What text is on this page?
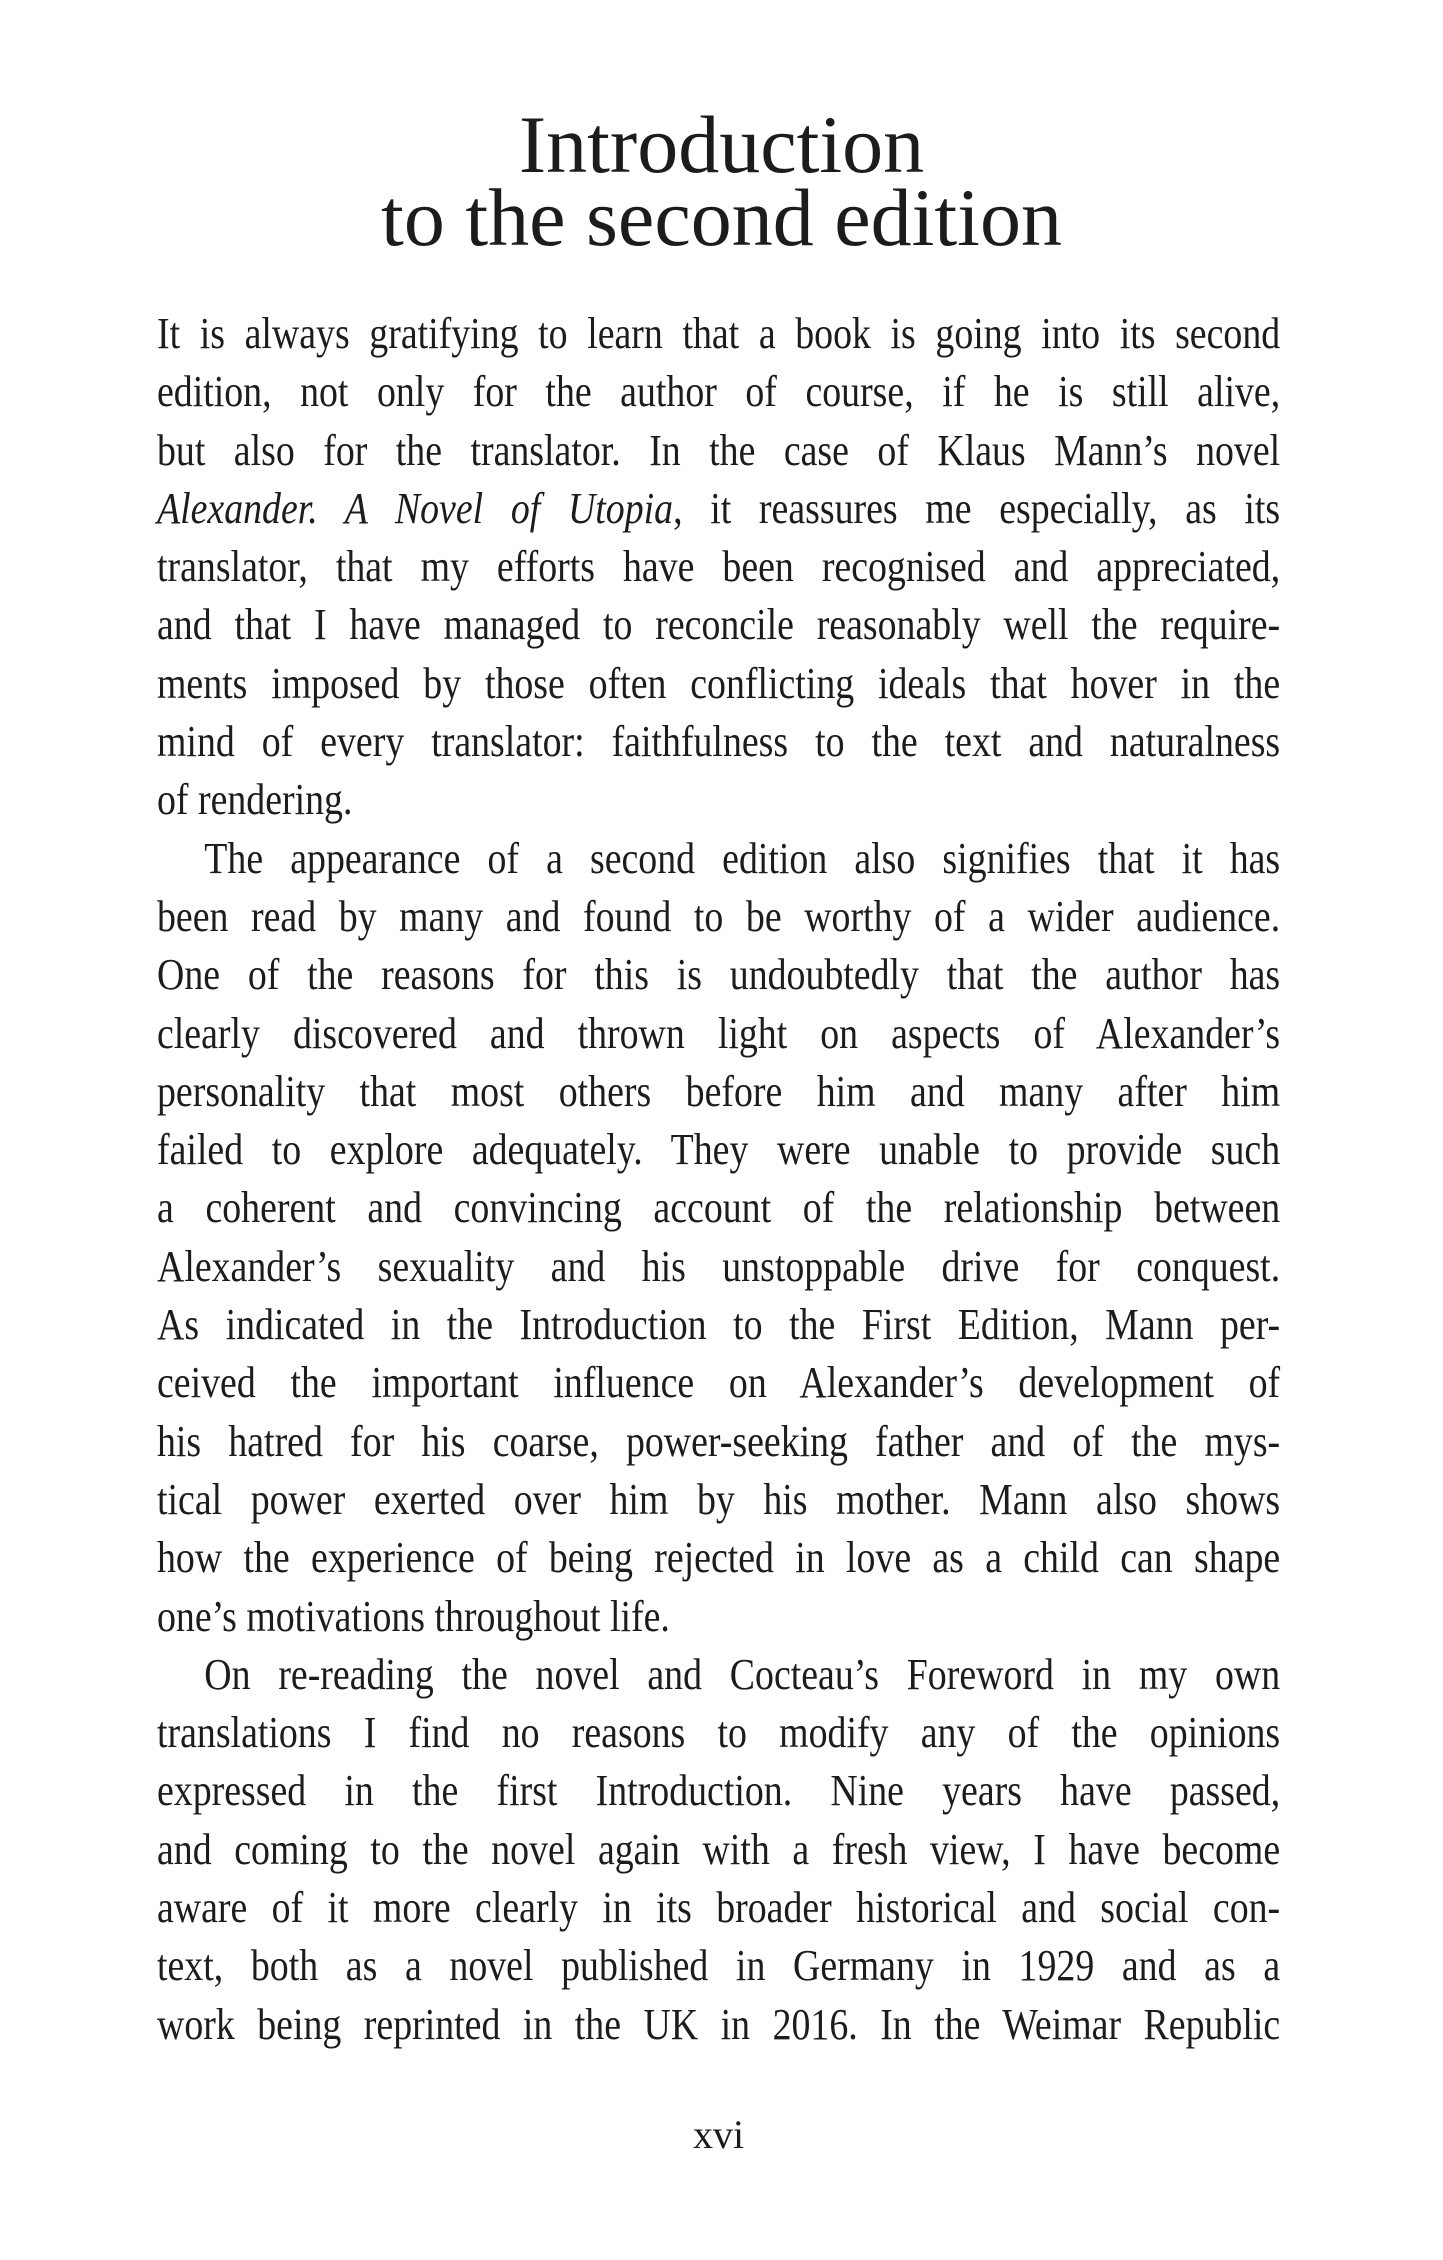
Introduction
to the second edition
It is always gratifying to learn that a book is going into its second
edition, not only for the author of course, if he is still alive,
but also for the translator. In the case of Klaus Mann’s novel
Alexander. A Novel of Utopia, it reassures me especially, as its
translator, that my efforts have been recognised and appreciated,
and that I have managed to reconcile reasonably well the require-
ments imposed by those often conflicting ideals that hover in the
mind of every translator: faithfulness to the text and naturalness
of rendering.
The appearance of a second edition also signifies that it has
been read by many and found to be worthy of a wider audience.
One of the reasons for this is undoubtedly that the author has
clearly discovered and thrown light on aspects of Alexander’s
personality that most others before him and many after him
failed to explore adequately. They were unable to provide such
a coherent and convincing account of the relationship between
Alexander’s sexuality and his unstoppable drive for conquest.
As indicated in the Introduction to the First Edition, Mann per-
ceived the important influence on Alexander’s development of
his hatred for his coarse, power-seeking father and of the mys-
tical power exerted over him by his mother. Mann also shows
how the experience of being rejected in love as a child can shape
one’s motivations throughout life.
On re-reading the novel and Cocteau’s Foreword in my own
translations I find no reasons to modify any of the opinions
expressed in the first Introduction. Nine years have passed,
and coming to the novel again with a fresh view, I have become
aware of it more clearly in its broader historical and social con-
text, both as a novel published in Germany in 1929 and as a
work being reprinted in the UK in 2016. In the Weimar Republic
xvi
